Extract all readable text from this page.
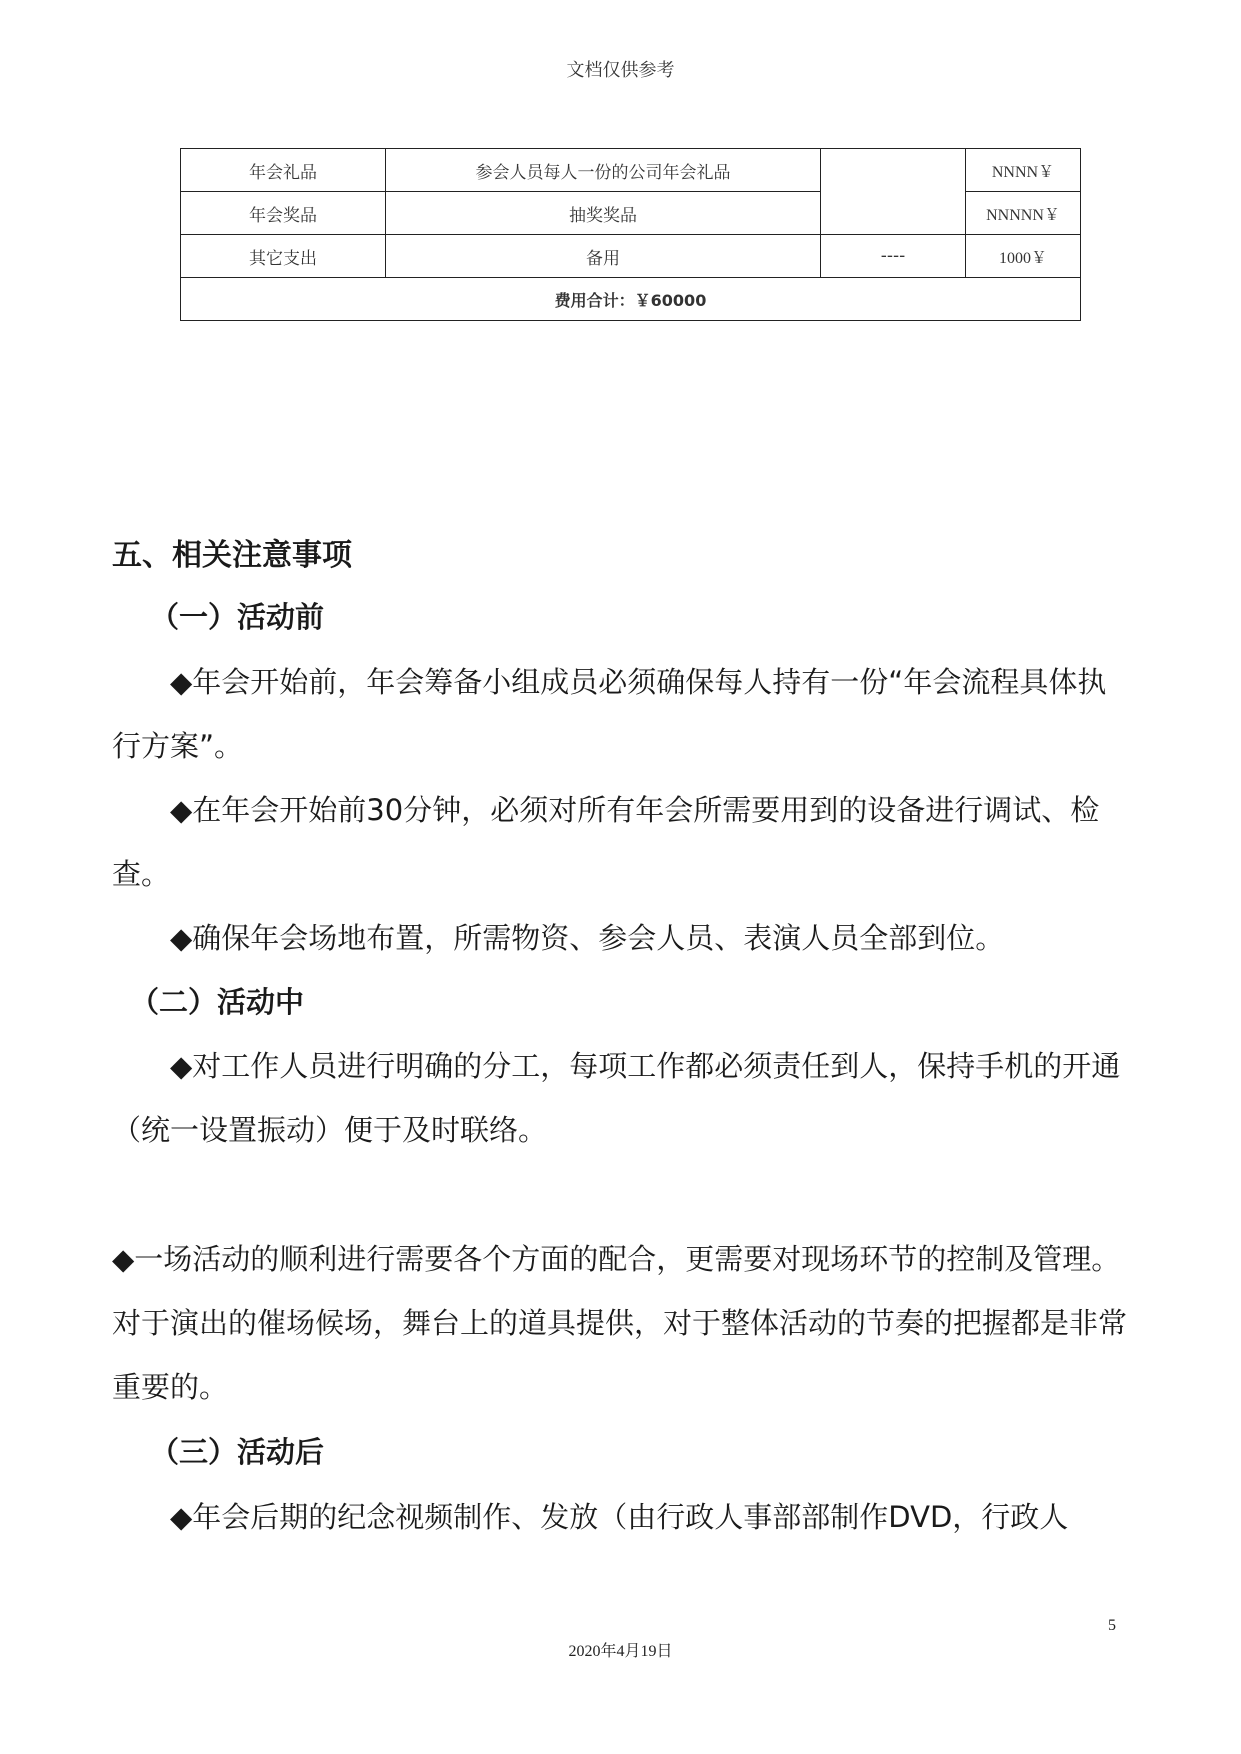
文档仅供参考
年会礼品	参会人员每人一份的公司年会礼品		NNNN￥
年会奖品	抽奖奖品		NNNNN￥
其它支出	备用	----	1000￥
费用合计：￥60000			
五、相关注意事项
（一）活动前
◆年会开始前，年会筹备小组成员必须确保每人持有一份“年会流程具体执行方案”。
◆在年会开始前30分钟，必须对所有年会所需要用到的设备进行调试、检查。
◆确保年会场地布置，所需物资、参会人员、表演人员全部到位。
（二）活动中
◆对工作人员进行明确的分工，每项工作都必须责任到人，保持手机的开通（统一设置振动）便于及时联络。
◆一场活动的顺利进行需要各个方面的配合，更需要对现场环节的控制及管理。对于演出的催场候场，舞台上的道具提供，对于整体活动的节奏的把握都是非常重要的。
（三）活动后
◆年会后期的纪念视频制作、发放（由行政人事部部制作DVD，行政人
5
2020年4月19日
